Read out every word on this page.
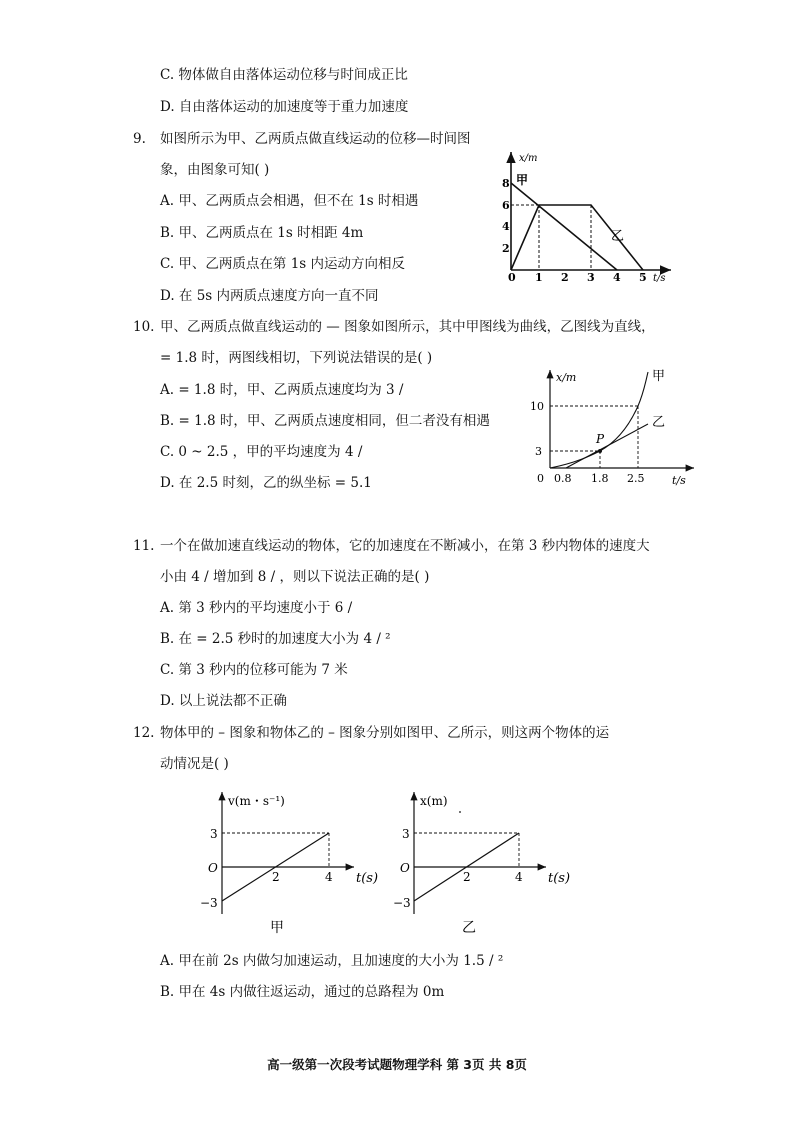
C. 物体做自由落体运动位移与时间成正比
D. 自由落体运动的加速度等于重力加速度
9. 如图所示为甲、乙两质点做直线运动的位移—时间图
象，由图象可知( )
A. 甲、乙两质点会相遇，但不在 1s 时相遇
B. 甲、乙两质点在 1s 时相距 4m
C. 甲、乙两质点在第 1s 内运动方向相反
D. 在 5s 内两质点速度方向一直不同
x/m
t/s
0
2
4
6
8
1 2 3 4 5
甲
乙
10. 甲、乙两质点做直线运动的 — 图象如图所示，其中甲图线为曲线，乙图线为直线，
= 1.8 时，两图线相切，下列说法错误的是( )
A. = 1.8 时，甲、乙两质点速度均为 3 /
B. = 1.8 时，甲、乙两质点速度相同，但二者没有相遇
C. 0 ~ 2.5 ，甲的平均速度为 4 /
D. 在 2.5 时刻，乙的纵坐标 = 5.1
x/m
t/s
0
3
10
0.8 1.8 2.5
P
甲
乙
11. 一个在做加速直线运动的物体，它的加速度在不断减小，在第 3 秒内物体的速度大
小由 4 / 增加到 8 / ，则以下说法正确的是( )
A. 第 3 秒内的平均速度小于 6 /
B. 在 = 2.5 秒时的加速度大小为 4 / ²
C. 第 3 秒内的位移可能为 7 米
D. 以上说法都不正确
12. 物体甲的 – 图象和物体乙的 – 图象分别如图甲、乙所示，则这两个物体的运
动情况是( )
v(m・s⁻¹)
t(s)
O
3
−3
2	4
甲
x(m)
t(s)
O
3
−3
2	4
乙
A. 甲在前 2s 内做匀加速运动，且加速度的大小为 1.5 / ²
B. 甲在 4s 内做往返运动，通过的总路程为 0m
高一级第一次段考试题物理学科 第 3页 共 8页
